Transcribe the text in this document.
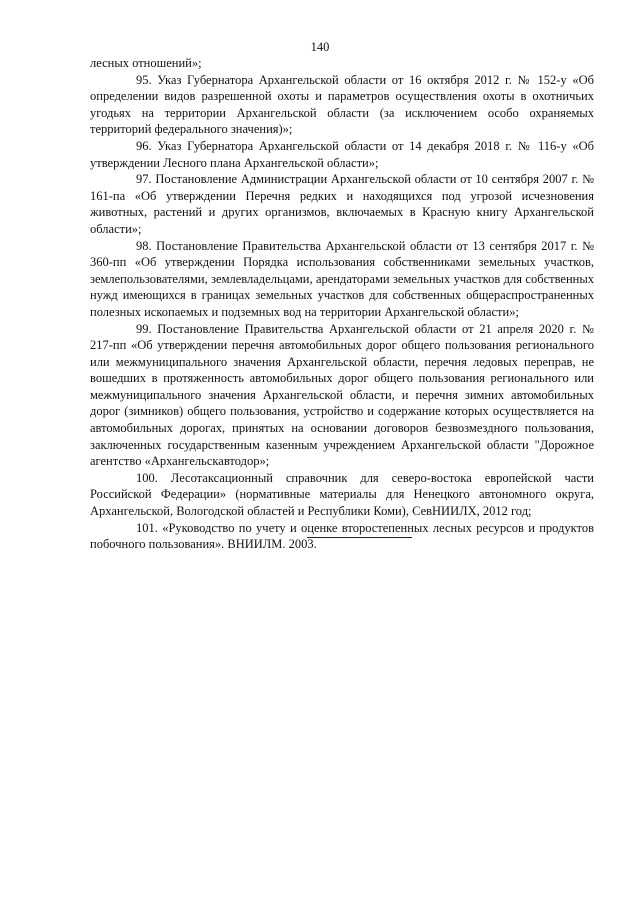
140

лесных отношений»;

95. Указ Губернатора Архангельской области от 16 октября 2012 г. № 152-у «Об определении видов разрешенной охоты и параметров осуществления охоты в охотничьих угодьях на территории Архангельской области (за исключением особо охраняемых территорий федерального значения)»;

96. Указ Губернатора Архангельской области от 14 декабря 2018 г. № 116-у «Об утверждении Лесного плана Архангельской области»;

97. Постановление Администрации Архангельской области от 10 сентября 2007 г. № 161-па «Об утверждении Перечня редких и находящихся под угрозой исчезновения животных, растений и других организмов, включаемых в Красную книгу Архангельской области»;

98. Постановление Правительства Архангельской области от 13 сентября 2017 г. № 360-пп «Об утверждении Порядка использования собственниками земельных участков, землепользователями, землевладельцами, арендаторами земельных участков для собственных нужд имеющихся в границах земельных участков для собственных общераспространенных полезных ископаемых и подземных вод на территории Архангельской области»;

99. Постановление Правительства Архангельской области от 21 апреля 2020 г. № 217-пп «Об утверждении перечня автомобильных дорог общего пользования регионального или межмуниципального значения Архангельской области, перечня ледовых переправ, не вошедших в протяженность автомобильных дорог общего пользования регионального или межмуниципального значения Архангельской области, и перечня зимних автомобильных дорог (зимников) общего пользования, устройство и содержание которых осуществляется на автомобильных дорогах, принятых на основании договоров безвозмездного пользования, заключенных государственным казенным учреждением Архангельской области "Дорожное агентство «Архангельскавтодор»;

100. Лесотаксационный справочник для северо-востока европейской части Российской Федерации» (нормативные материалы для Ненецкого автономного округа, Архангельской, Вологодской областей и Республики Коми), СевНИИЛХ, 2012 год;

101. «Руководство по учету и оценке второстепенных лесных ресурсов и продуктов побочного пользования». ВНИИЛМ. 2003.
